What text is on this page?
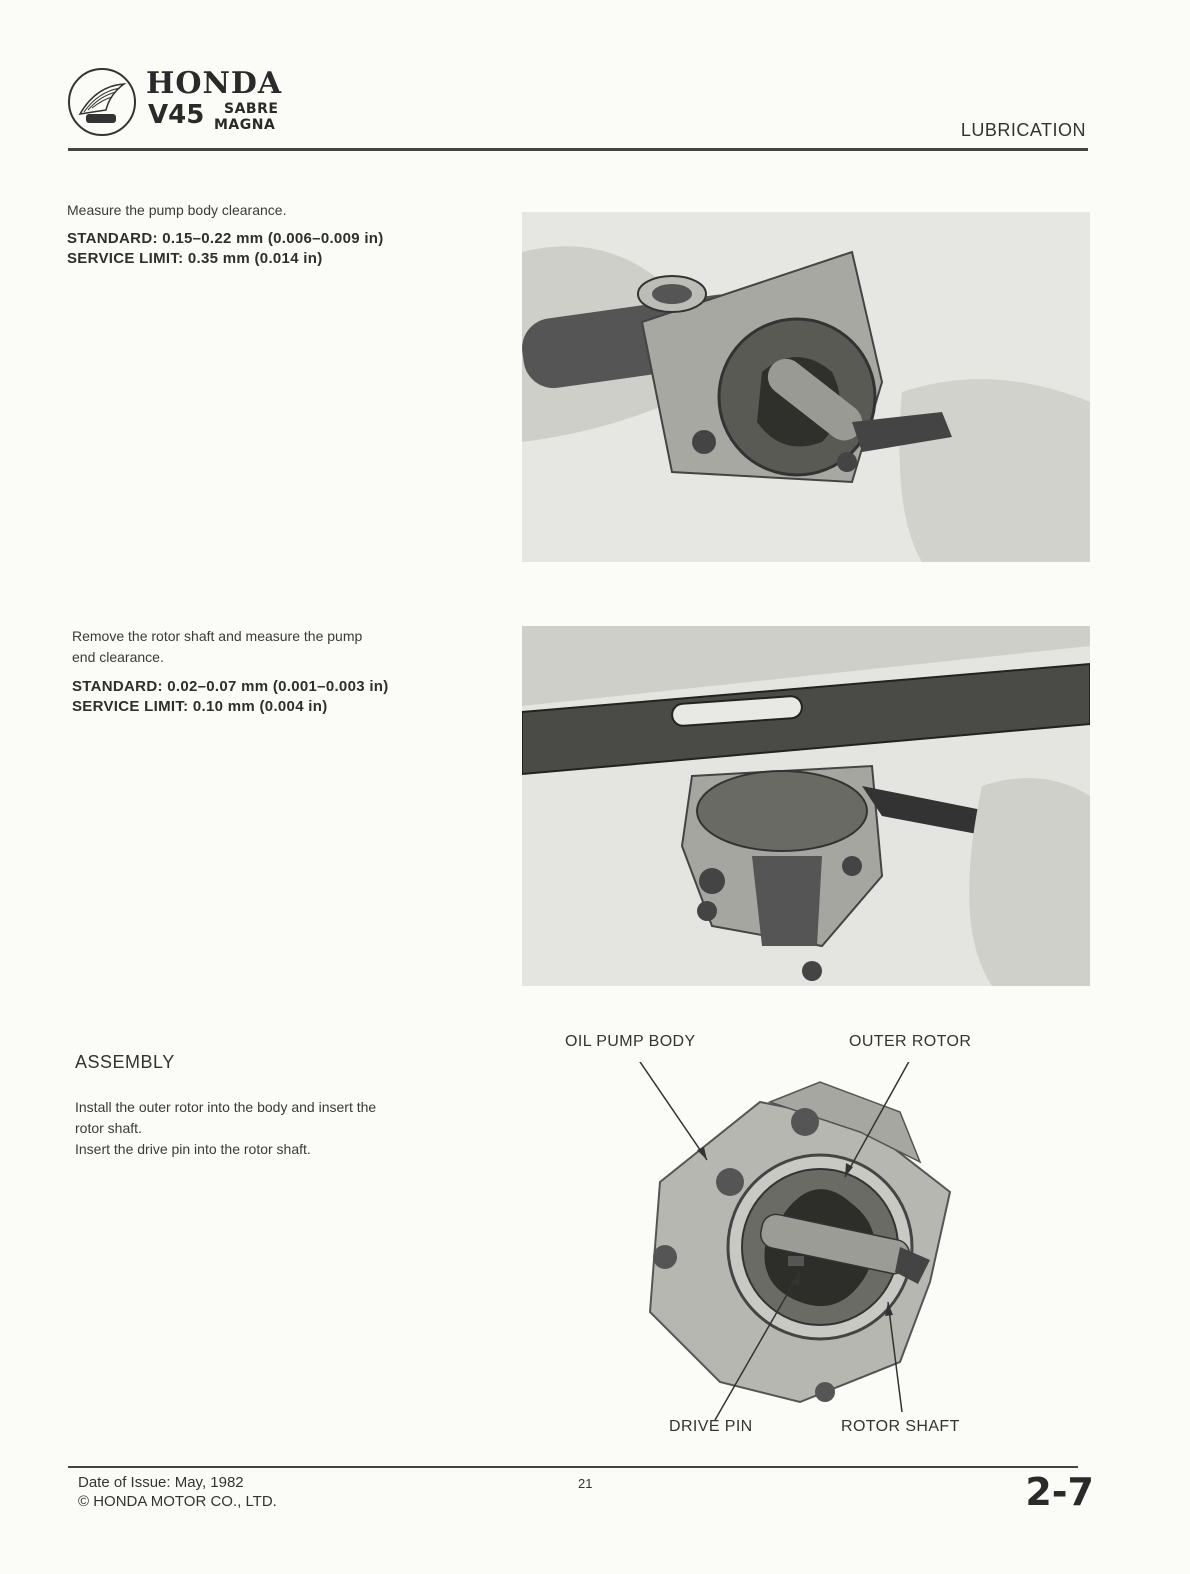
HONDA
V45	SABRE
MAGNA	LUBRICATION
Measure the pump body clearance.
STANDARD: 0.15–0.22 mm (0.006–0.009 in)
SERVICE LIMIT: 0.35 mm (0.014 in)
Remove the rotor shaft and measure the pump
end clearance.
STANDARD: 0.02–0.07 mm (0.001–0.003 in)
SERVICE LIMIT: 0.10 mm (0.004 in)
ASSEMBLY
Install the outer rotor into the body and insert the
rotor shaft.
Insert the drive pin into the rotor shaft.
OIL PUMP BODY	OUTER ROTOR
DRIVE PIN	ROTOR SHAFT
Date of Issue: May, 1982
© HONDA MOTOR CO., LTD.
21	2-7
